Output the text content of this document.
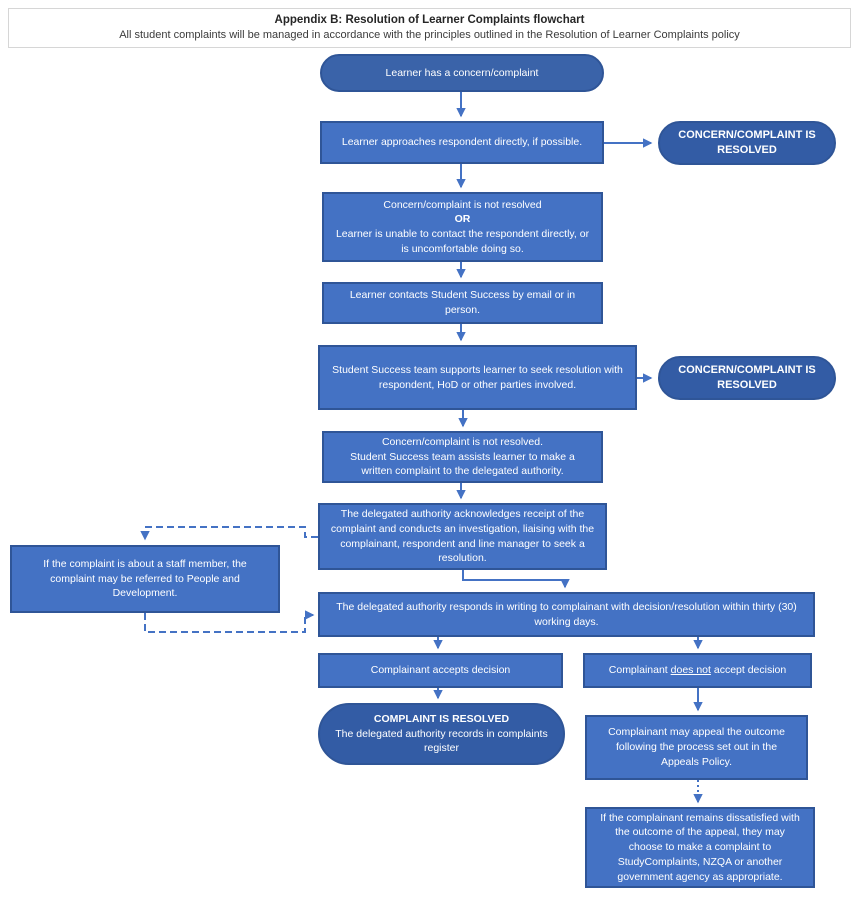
Appendix B: Resolution of Learner Complaints flowchart
All student complaints will be managed in accordance with the principles outlined in the Resolution of Learner Complaints policy
Learner has a concern/complaint
Learner approaches respondent directly, if possible.
CONCERN/COMPLAINT IS RESOLVED
Concern/complaint is not resolved
OR
Learner is unable to contact the respondent directly, or is uncomfortable doing so.
Learner contacts Student Success by email or in person.
Student Success team supports learner to seek resolution with respondent, HoD or other parties involved.
CONCERN/COMPLAINT IS RESOLVED
Concern/complaint is not resolved.
Student Success team assists learner to make a written complaint to the delegated authority.
The delegated authority acknowledges receipt of the complaint and conducts an investigation, liaising with the complainant, respondent and line manager to seek a resolution.
If the complaint is about a staff member, the complaint may be referred to People and Development.
The delegated authority responds in writing to complainant with decision/resolution within thirty (30) working days.
Complainant accepts decision	Complainant does not accept decision
COMPLAINT IS RESOLVED
The delegated authority records in complaints register
Complainant may appeal the outcome following the process set out in the Appeals Policy.
If the complainant remains dissatisfied with the outcome of the appeal, they may choose to make a complaint to StudyComplaints, NZQA or another government agency as appropriate.
